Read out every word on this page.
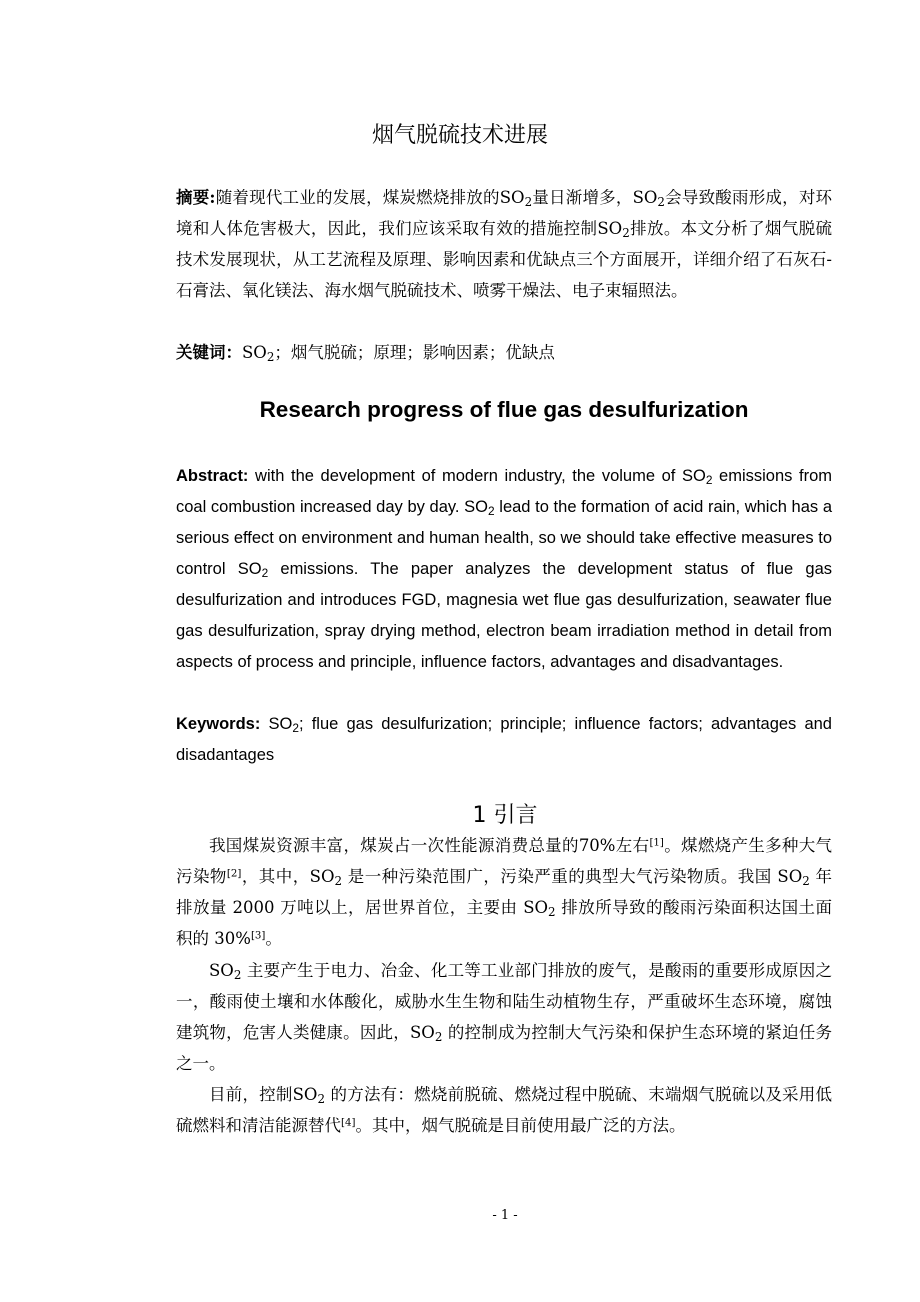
烟气脱硫技术进展
摘要:随着现代工业的发展，煤炭燃烧排放的$SO_2$量日渐增多，$SO_2$会导致酸雨形成，对环境和人体危害极大，因此，我们应该采取有效的措施控制$SO_2$排放。本文分析了烟气脱硫技术发展现状，从工艺流程及原理、影响因素和优缺点三个方面展开，详细介绍了石灰石-石膏法、氧化镁法、海水烟气脱硫技术、喷雾干燥法、电子束辐照法。
关键词：$SO_2$；烟气脱硫；原理；影响因素；优缺点
Research progress of flue gas desulfurization
Abstract: with the development of modern industry, the volume of $SO_2$ emissions from coal combustion increased day by day. $SO_2$ lead to the formation of acid rain, which has a serious effect on environment and human health, so we should take effective measures to control $SO_2$ emissions. The paper analyzes the development status of flue gas desulfurization and introduces FGD, magnesia wet flue gas desulfurization, seawater flue gas desulfurization, spray drying method, electron beam irradiation method in detail from aspects of process and principle, influence factors, advantages and disadvantages.
Keywords: $SO_2$; flue gas desulfurization; principle; influence factors; advantages and disadantages
1 引言
我国煤炭资源丰富，煤炭占一次性能源消费总量的70%左右[1]。煤燃烧产生多种大气污染物[2]，其中，$SO_2$ 是一种污染范围广，污染严重的典型大气污染物质。我国 $SO_2$ 年排放量 2000 万吨以上，居世界首位，主要由 $SO_2$ 排放所导致的酸雨污染面积达国土面积的 30%[3]。
$SO_2$ 主要产生于电力、冶金、化工等工业部门排放的废气，是酸雨的重要形成原因之一，酸雨使土壤和水体酸化，威胁水生生物和陆生动植物生存，严重破坏生态环境，腐蚀建筑物，危害人类健康。因此，$SO_2$ 的控制成为控制大气污染和保护生态环境的紧迫任务之一。
目前，控制$SO_2$ 的方法有：燃烧前脱硫、燃烧过程中脱硫、末端烟气脱硫以及采用低硫燃料和清洁能源替代[4]。其中，烟气脱硫是目前使用最广泛的方法。
- 1 -
